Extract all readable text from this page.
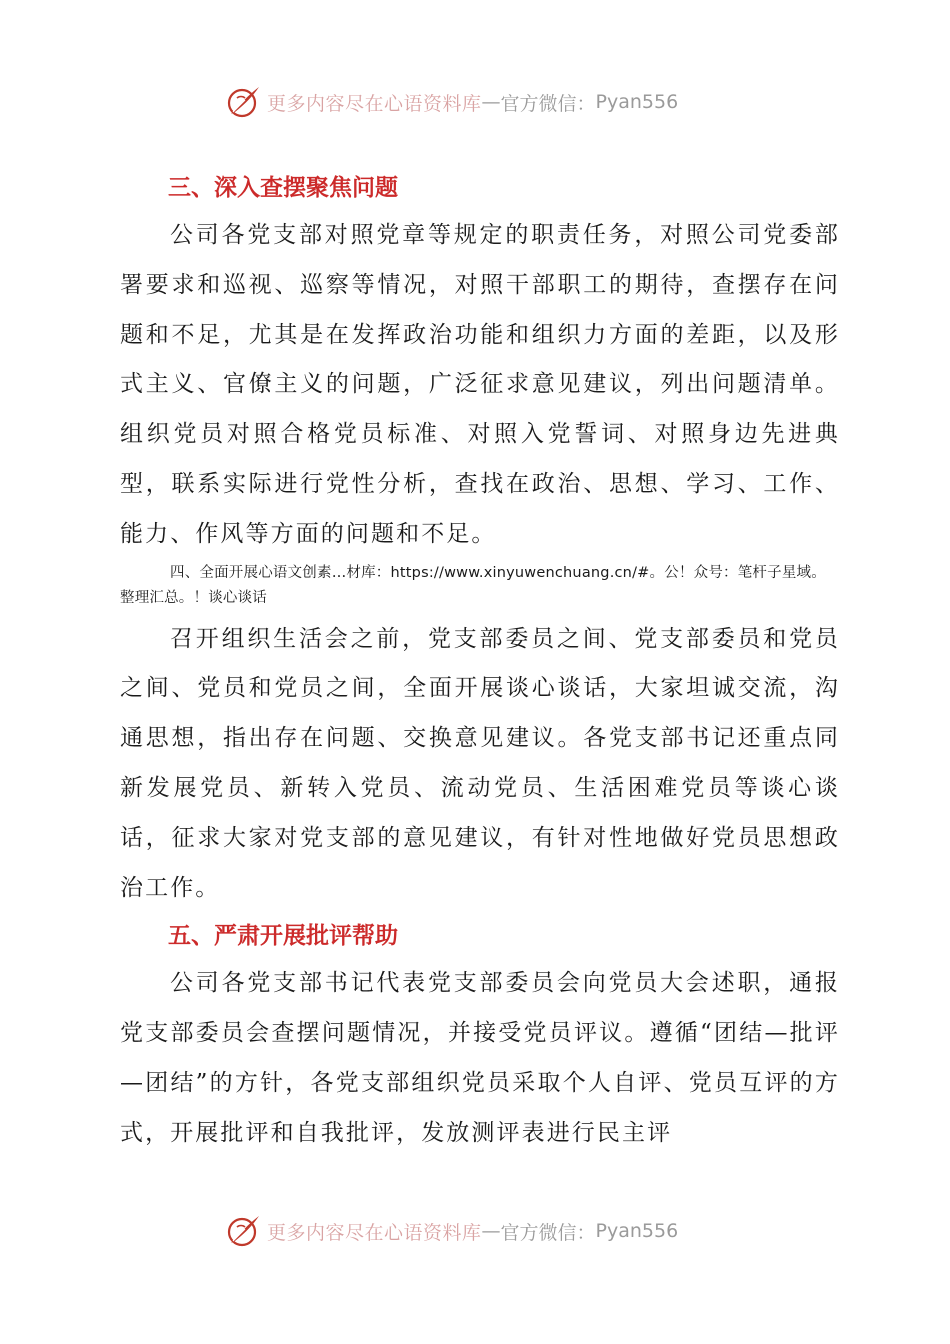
更多内容尽在心语资料库 — 官方微信： Pyan556
三、深入查摆聚焦问题

公司各党支部对照党章等规定的职责任务，对照公司党委部署要求和巡视、巡察等情况，对照干部职工的期待，查摆存在问题和不足，尤其是在发挥政治功能和组织力方面的差距，以及形式主义、官僚主义的问题，广泛征求意见建议，列出问题清单。组织党员对照合格党员标准、对照入党誓词、对照身边先进典型，联系实际进行党性分析，查找在政治、思想、学习、工作、能力、作风等方面的问题和不足。

四、全面开展心语文创素…材库：https://www.xinyuwenchuang.cn/#。公！众号：笔杆子星域。整理汇总。！谈心谈话

召开组织生活会之前，党支部委员之间、党支部委员和党员之间、党员和党员之间，全面开展谈心谈话，大家坦诚交流，沟通思想，指出存在问题、交换意见建议。各党支部书记还重点同新发展党员、新转入党员、流动党员、生活困难党员等谈心谈话，征求大家对党支部的意见建议，有针对性地做好党员思想政治工作。

五、严肃开展批评帮助

公司各党支部书记代表党支部委员会向党员大会述职，通报党支部委员会查摆问题情况，并接受党员评议。遵循“团结—批评—团结”的方针，各党支部组织党员采取个人自评、党员互评的方式，开展批评和自我批评，发放测评表进行民主评

更多内容尽在心语资料库 — 官方微信： Pyan556
